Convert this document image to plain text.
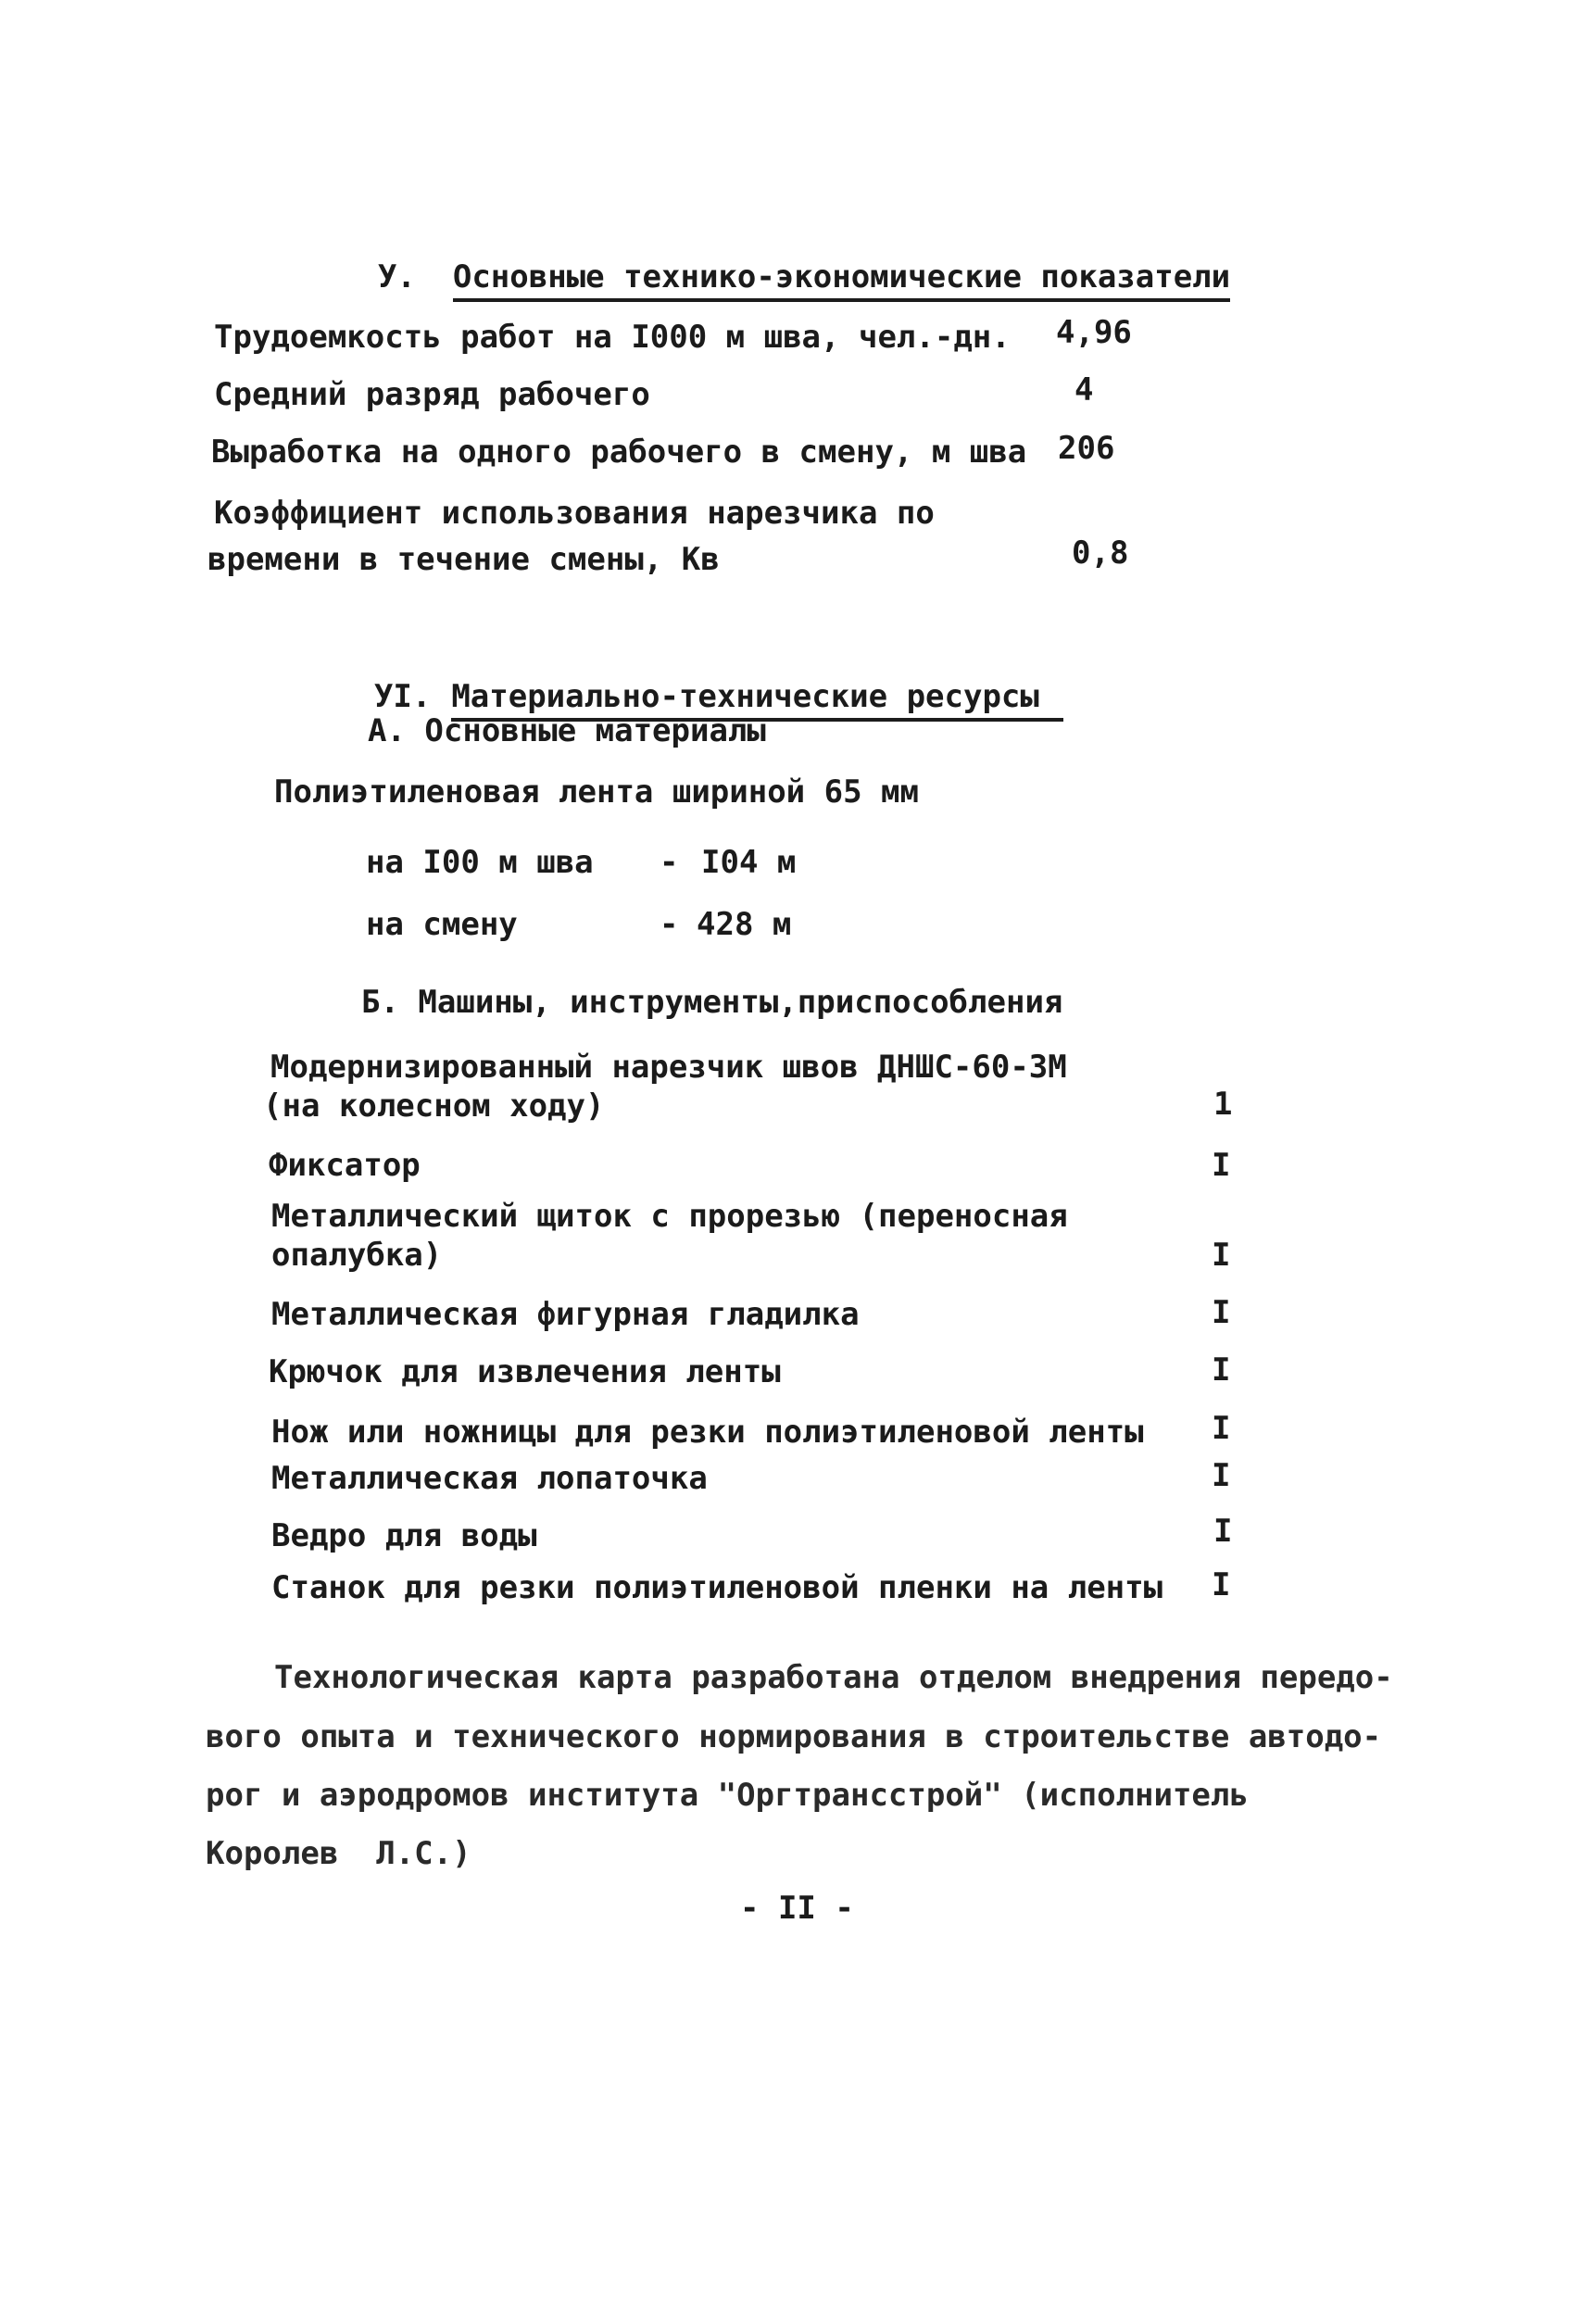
У. Основные технико-экономические показатели

Трудоемкость работ на I000 м шва, чел.-дн. 4,96
Средний разряд рабочего	4
Выработка на одного рабочего в смену, м шва 206
Коэффициент использования нарезчика по
времени в течение смены, Кв	0,8

УI. Материально-технические ресурсы

А. Основные материалы
Полиэтиленовая лента шириной 65 мм
на I00 м шва - I04 м
на смену	- 428 м
Б. Машины, инструменты,приспособления
Модернизированный нарезчик швов ДНШС-60-3М
(на колесном ходу)	1
Фиксатор	I
Металлический щиток с прорезью (переносная
опалубка)	I
Металлическая фигурная гладилка	I
Крючок для извлечения ленты	I
Нож или ножницы для резки полиэтиленовой ленты I
Металлическая лопаточка	I
Ведро для воды	I
Станок для резки полиэтиленовой пленки на ленты I
Технологическая карта разработана отделом внедрения передо-
вого опыта и технического нормирования в строительстве автодо-
рог и аэродромов института "Оргтрансстрой" (исполнитель
Королев  Л.С.)
- II -
